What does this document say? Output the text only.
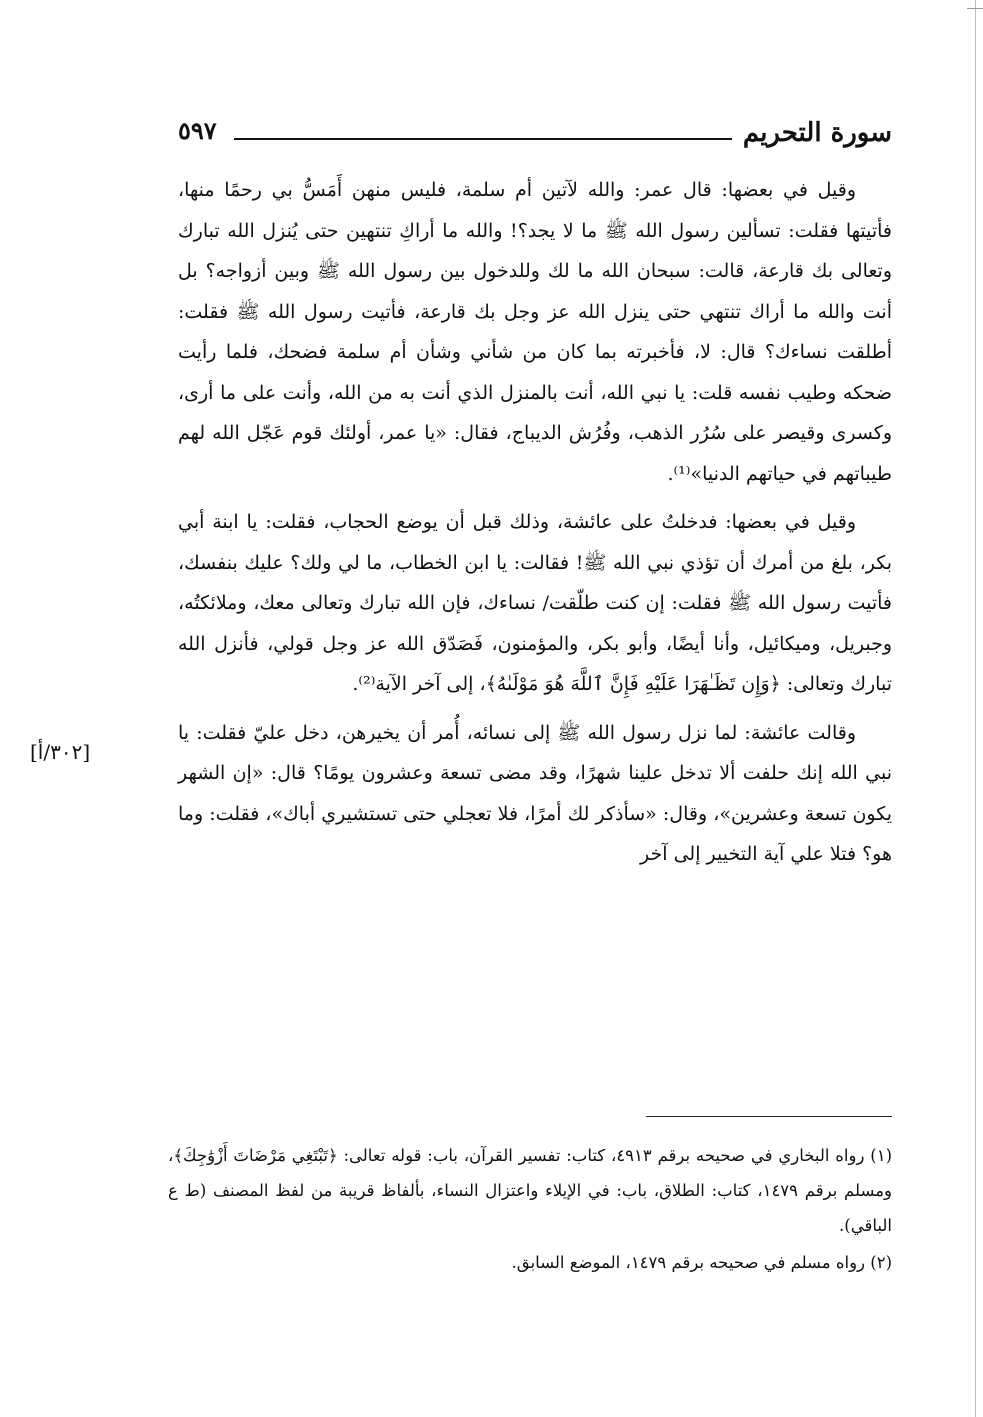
سورة التحريم
٥٩٧

وقيل في بعضها: قال عمر: والله لآتين أم سلمة، فليس منهن أَمَسُّ بي رحمًا منها، فأتيتها فقلت: تسألين رسول الله ﷺ ما لا يجد؟! والله ما أراكِ تنتهين حتى يُنزل الله تبارك وتعالى بك قارعة، قالت: سبحان الله ما لك وللدخول بين رسول الله ﷺ وبين أزواجه؟ بل أنت والله ما أراك تنتهي حتى ينزل الله عز وجل بك قارعة، فأتيت رسول الله ﷺ فقلت: أطلقت نساءك؟ قال: لا، فأخبرته بما كان من شأني وشأن أم سلمة فضحك، فلما رأيت ضحكه وطيب نفسه قلت: يا نبي الله، أنت بالمنزل الذي أنت به من الله، وأنت على ما أرى، وكسرى وقيصر على سُرُر الذهب، وفُرُش الديباج، فقال: «يا عمر، أولئك قوم عَجّل الله لهم طيباتهم في حياتهم الدنيا»⁽¹⁾.

وقيل في بعضها: فدخلتُ على عائشة، وذلك قبل أن يوضع الحجاب، فقلت: يا ابنة أبي بكر، بلغ من أمرك أن تؤذي نبي الله ﷺ! فقالت: يا ابن الخطاب، ما لي ولك؟ عليك بنفسك، فأتيت رسول الله ﷺ فقلت: إن كنت طلّقت/ نساءك، فإن الله تبارك وتعالى معك، وملائكتُه، وجبريل، وميكائيل، وأنا أيضًا، وأبو بكر، والمؤمنون، فَصَدّق الله عز وجل قولي، فأنزل الله تبارك وتعالى: ﴿وَإِن تَظَـٰهَرَا عَلَيْهِ فَإِنَّ ٱللَّهَ هُوَ مَوْلَىٰهُ﴾، إلى آخر الآية⁽²⁾.

وقالت عائشة: لما نزل رسول الله ﷺ إلى نسائه، أُمر أن يخيرهن، دخل عليّ فقلت: يا نبي الله إنك حلفت ألا تدخل علينا شهرًا، وقد مضى تسعة وعشرون يومًا؟ قال: «إن الشهر يكون تسعة وعشرين»، وقال: «سأذكر لك أمرًا، فلا تعجلي حتى تستشيري أباك»، فقلت: وما هو؟ فتلا علي آية التخيير إلى آخر

[٣٠٢/أ]

(١) رواه البخاري في صحيحه برقم ٤٩١٣، كتاب: تفسير القرآن، باب: قوله تعالى: ﴿تَبْتَغِي مَرْضَاتَ أَزْوَٰجِكَ﴾، ومسلم برقم ١٤٧٩، كتاب: الطلاق، باب: في الإيلاء واعتزال النساء، بألفاظ قريبة من لفظ المصنف (ط ع الباقي).

(٢) رواه مسلم في صحيحه برقم ١٤٧٩، الموضع السابق.
